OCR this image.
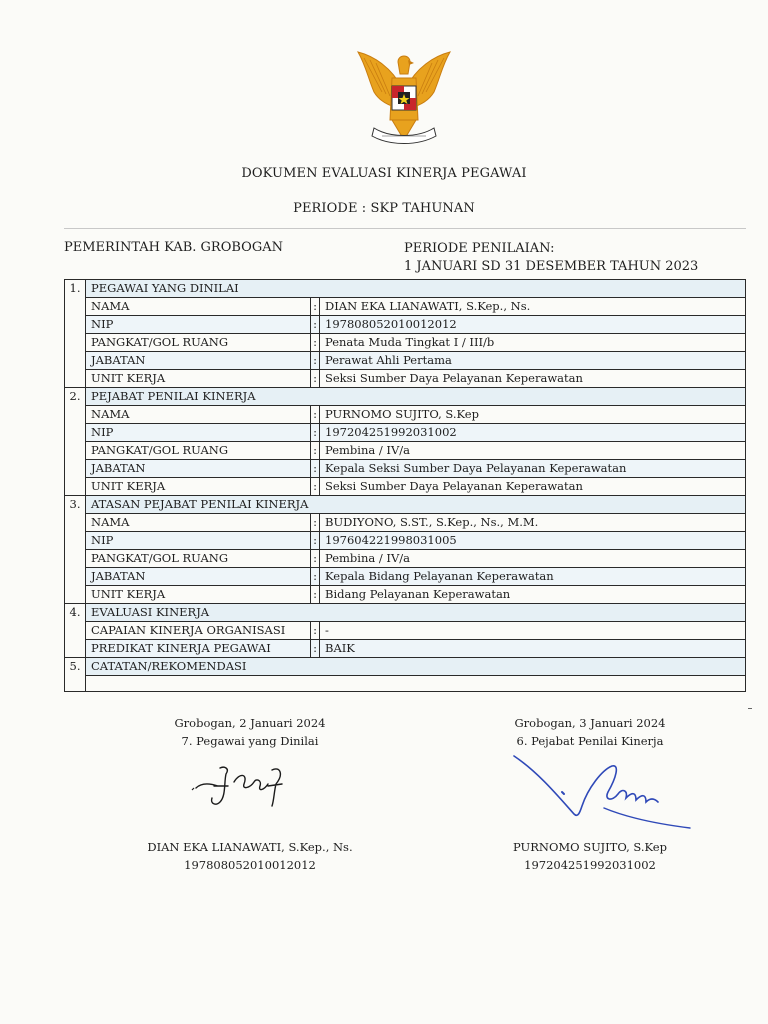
DOKUMEN EVALUASI KINERJA PEGAWAI
PERIODE : SKP TAHUNAN
PEMERINTAH KAB. GROBOGAN	PERIODE PENILAIAN:
1 JANUARI SD 31 DESEMBER TAHUN 2023
1.	PEGAWAI YANG DINILAI		
	NAMA	:	DIAN EKA LIANAWATI, S.Kep., Ns.
	NIP	:	197808052010012012
	PANGKAT/GOL RUANG	:	Penata Muda Tingkat I / III/b
	JABATAN	:	Perawat Ahli Pertama
	UNIT KERJA	:	Seksi Sumber Daya Pelayanan Keperawatan
2.	PEJABAT PENILAI KINERJA		
	NAMA	:	PURNOMO SUJITO, S.Kep
	NIP	:	197204251992031002
	PANGKAT/GOL RUANG	:	Pembina / IV/a
	JABATAN	:	Kepala Seksi Sumber Daya Pelayanan Keperawatan
	UNIT KERJA	:	Seksi Sumber Daya Pelayanan Keperawatan
3.	ATASAN PEJABAT PENILAI KINERJA		
	NAMA	:	BUDIYONO, S.ST., S.Kep., Ns., M.M.
	NIP	:	197604221998031005
	PANGKAT/GOL RUANG	:	Pembina / IV/a
	JABATAN	:	Kepala Bidang Pelayanan Keperawatan
	UNIT KERJA	:	Bidang Pelayanan Keperawatan
4.	EVALUASI KINERJA		
	CAPAIAN KINERJA ORGANISASI	:	-
	PREDIKAT KINERJA PEGAWAI	:	BAIK
5.	CATATAN/REKOMENDASI		

Grobogan, 2 Januari 2024
7. Pegawai yang Dinilai
DIAN EKA LIANAWATI, S.Kep., Ns.
197808052010012012
Grobogan, 3 Januari 2024
6. Pejabat Penilai Kinerja
PURNOMO SUJITO, S.Kep
197204251992031002
